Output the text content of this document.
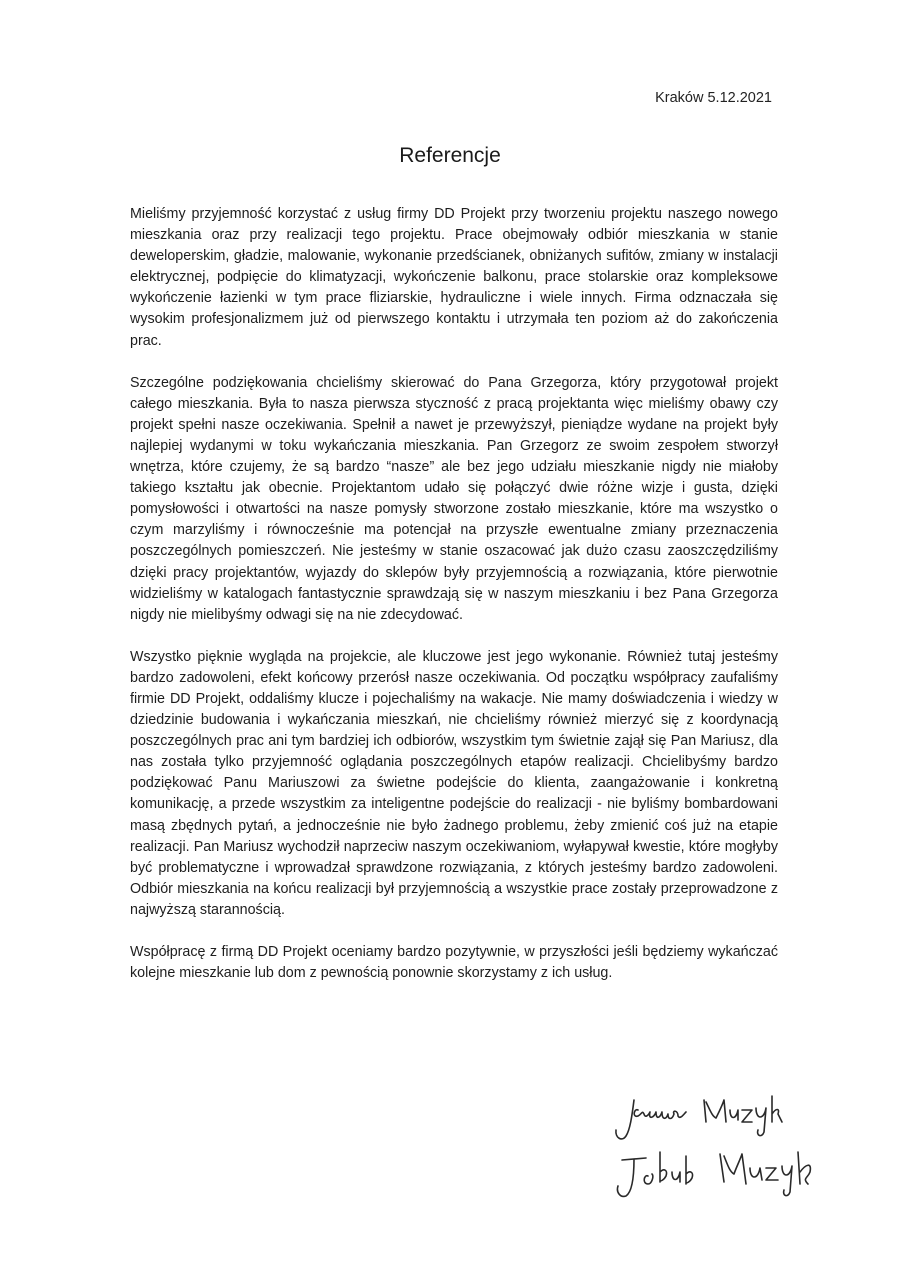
Kraków 5.12.2021
Referencje

Mieliśmy przyjemność korzystać z usług firmy DD Projekt przy tworzeniu projektu naszego nowego mieszkania oraz przy realizacji tego projektu. Prace obejmowały odbiór mieszkania w stanie deweloperskim, gładzie, malowanie, wykonanie przedścianek, obniżanych sufitów, zmiany w instalacji elektrycznej, podpięcie do klimatyzacji, wykończenie balkonu, prace stolarskie oraz kompleksowe wykończenie łazienki w tym prace fliziarskie, hydrauliczne i wiele innych. Firma odznaczała się wysokim profesjonalizmem już od pierwszego kontaktu i utrzymała ten poziom aż do zakończenia prac.

Szczególne podziękowania chcieliśmy skierować do Pana Grzegorza, który przygotował projekt całego mieszkania. Była to nasza pierwsza styczność z pracą projektanta więc mieliśmy obawy czy projekt spełni nasze oczekiwania. Spełnił a nawet je przewyższył, pieniądze wydane na projekt były najlepiej wydanymi w toku wykańczania mieszkania. Pan Grzegorz ze swoim zespołem stworzył wnętrza, które czujemy, że są bardzo “nasze” ale bez jego udziału mieszkanie nigdy nie miałoby takiego kształtu jak obecnie. Projektantom udało się połączyć dwie różne wizje i gusta, dzięki pomysłowości i otwartości na nasze pomysły stworzone zostało mieszkanie, które ma wszystko o czym marzyliśmy i równocześnie ma potencjał na przyszłe ewentualne zmiany przeznaczenia poszczególnych pomieszczeń. Nie jesteśmy w stanie oszacować jak dużo czasu zaoszczędziliśmy dzięki pracy projektantów, wyjazdy do sklepów były przyjemnością a rozwiązania, które pierwotnie widzieliśmy w katalogach fantastycznie sprawdzają się w naszym mieszkaniu i bez Pana Grzegorza nigdy nie mielibyśmy odwagi się na nie zdecydować.

Wszystko pięknie wygląda na projekcie, ale kluczowe jest jego wykonanie. Również tutaj jesteśmy bardzo zadowoleni, efekt końcowy przerósł nasze oczekiwania. Od początku współpracy zaufaliśmy firmie DD Projekt, oddaliśmy klucze i pojechaliśmy na wakacje. Nie mamy doświadczenia i wiedzy w dziedzinie budowania i wykańczania mieszkań, nie chcieliśmy również mierzyć się z koordynacją poszczególnych prac ani tym bardziej ich odbiorów, wszystkim tym świetnie zajął się Pan Mariusz, dla nas została tylko przyjemność oglądania poszczególnych etapów realizacji. Chcielibyśmy bardzo podziękować Panu Mariuszowi za świetne podejście do klienta, zaangażowanie i konkretną komunikację, a przede wszystkim za inteligentne podejście do realizacji - nie byliśmy bombardowani masą zbędnych pytań, a jednocześnie nie było żadnego problemu, żeby zmienić coś już na etapie realizacji. Pan Mariusz wychodził naprzeciw naszym oczekiwaniom, wyłapywał kwestie, które mogłyby być problematyczne i wprowadzał sprawdzone rozwiązania, z których jesteśmy bardzo zadowoleni. Odbiór mieszkania na końcu realizacji był przyjemnością a wszystkie prace zostały przeprowadzone z najwyższą starannością.

Współpracę z firmą DD Projekt oceniamy bardzo pozytywnie, w przyszłości jeśli będziemy wykańczać kolejne mieszkanie lub dom z pewnością ponownie skorzystamy z ich usług.
